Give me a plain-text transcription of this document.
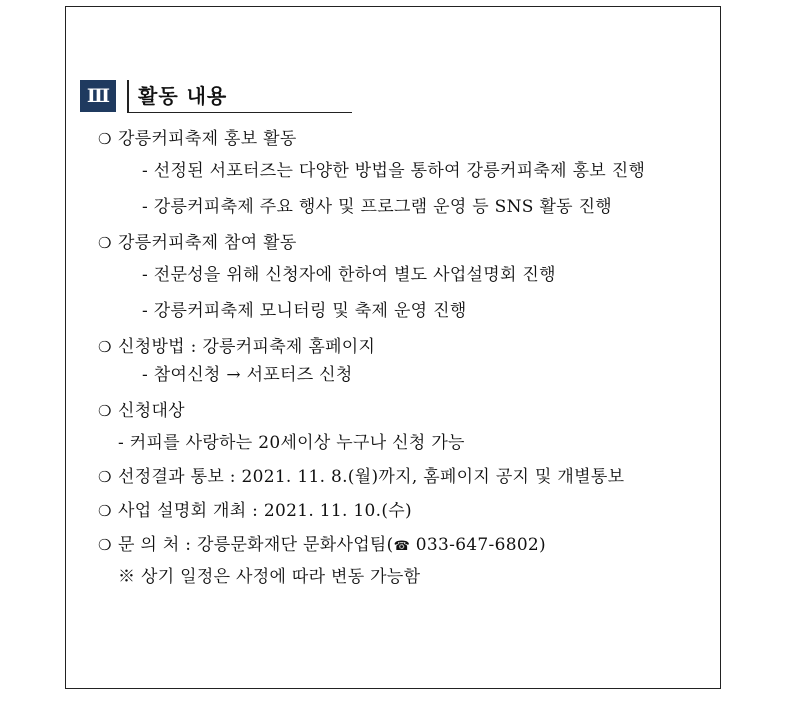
Ⅲ	활동 내용
❍ 강릉커피축제 홍보 활동
- 선정된 서포터즈는 다양한 방법을 통하여 강릉커피축제 홍보 진행
- 강릉커피축제 주요 행사 및 프로그램 운영 등 SNS 활동 진행
❍ 강릉커피축제 참여 활동
- 전문성을 위해 신청자에 한하여 별도 사업설명회 진행
- 강릉커피축제 모니터링 및 축제 운영 진행
❍ 신청방법 : 강릉커피축제 홈페이지
- 참여신청 → 서포터즈 신청
❍ 신청대상
- 커피를 사랑하는 20세이상 누구나 신청 가능
❍ 선정결과 통보 : 2021. 11. 8.(월)까지, 홈페이지 공지 및 개별통보
❍ 사업 설명회 개최 : 2021. 11. 10.(수)
❍ 문 의 처 : 강릉문화재단 문화사업팀(☎ 033-647-6802)
※ 상기 일정은 사정에 따라 변동 가능함
